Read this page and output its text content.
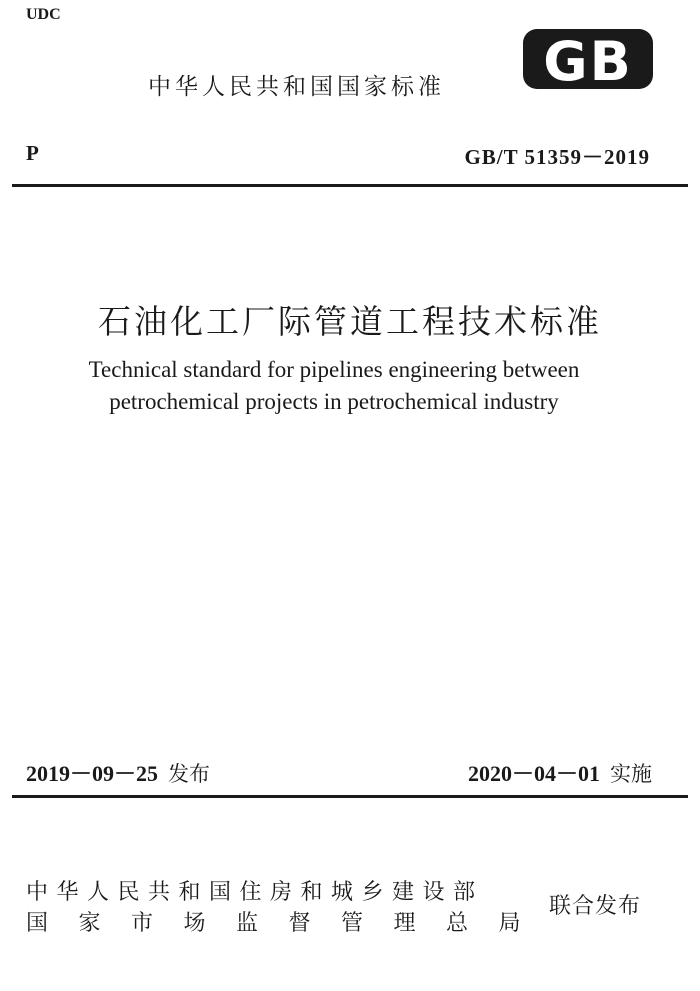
UDC
中华人民共和国国家标准 GB
P	GB/T 51359－2019
石油化工厂际管道工程技术标准
Technical standard for pipelines engineering between
petrochemical projects in petrochemical industry
2019－09－25 发布	2020－04－01 实施
中华人民共和国住房和城乡建设部
国家市场监督管理总局
联合发布
